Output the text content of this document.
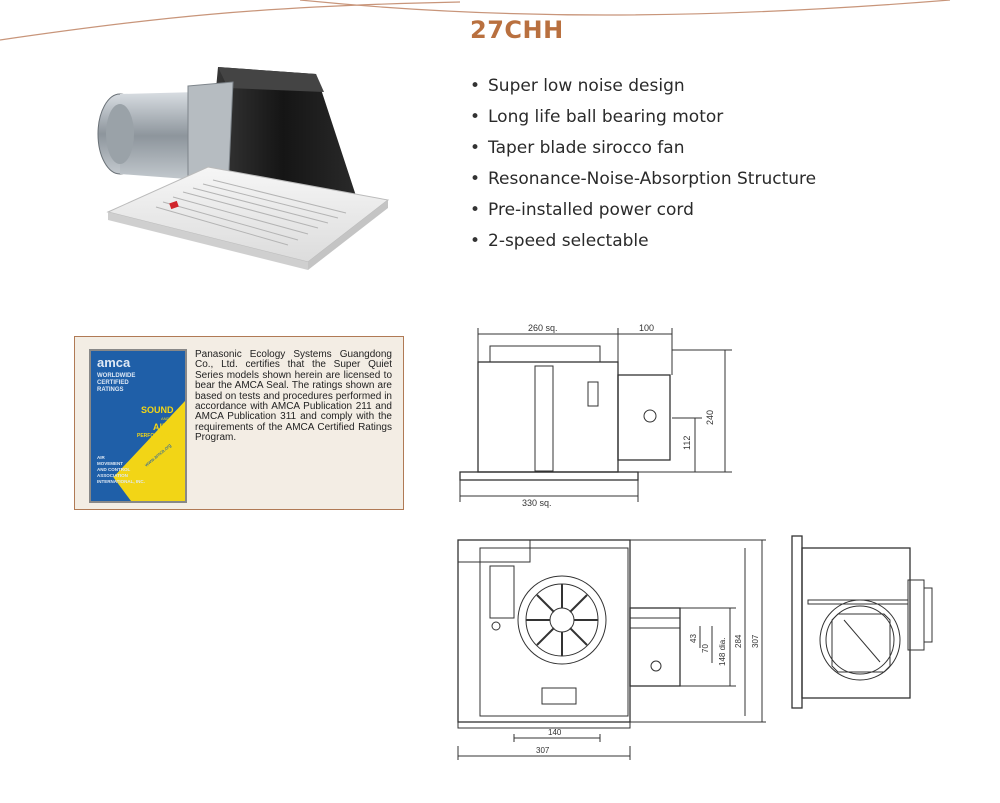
27CHH
• Super low noise design
• Long life ball bearing motor
• Taper blade sirocco fan
• Resonance-Noise-Absorption Structure
• Pre-installed power cord
• 2-speed selectable
amca
WORLDWIDE
CERTIFIED
RATINGS
SOUND
AND
AIR
PERFORMANCE
AIR
MOVEMENT
AND CONTROL
ASSOCIATION
INTERNATIONAL, INC.
www.amca.org

Panasonic Ecology Systems Guangdong Co., Ltd. certifies that the Super Quiet Series models shown herein are licensed to bear the AMCA Seal. The ratings shown are based on tests and procedures performed in accordance with AMCA Publication 211 and AMCA Publication 311 and comply with the requirements of the AMCA Certified Ratings Program.

260 sq.	100
240
112
330 sq.
43
70 148 dia. 284 307
140
307
